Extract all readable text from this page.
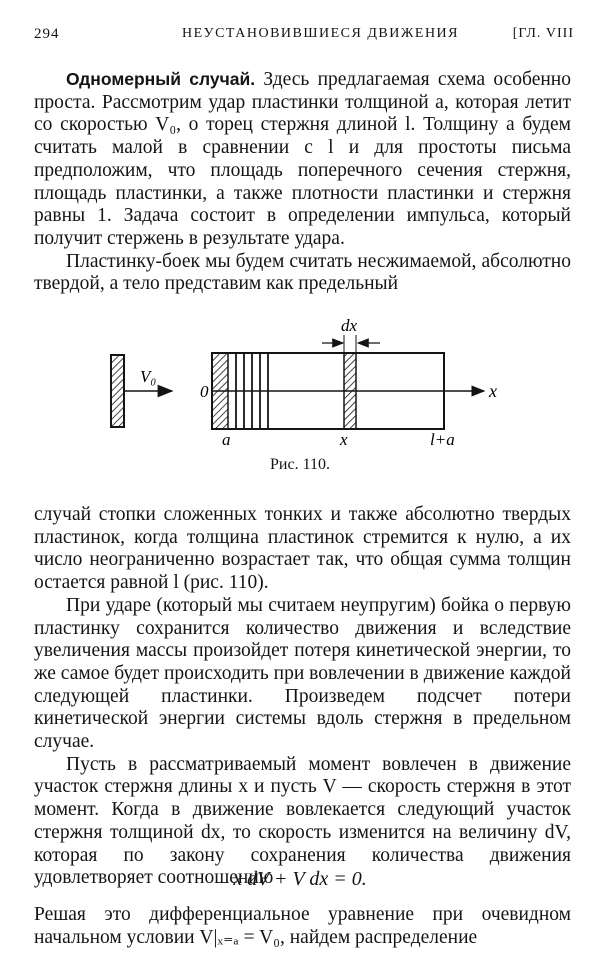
294	НЕУСТАНОВИВШИЕСЯ ДВИЖЕНИЯ	[ГЛ. VIII

Одномерный случай. Здесь предлагаемая схема особенно проста. Рассмотрим удар пластинки толщиной a, которая летит со скоростью V₀, о торец стержня длиной l. Толщину a будем считать малой в сравнении с l и для простоты письма предположим, что площадь поперечного сечения стержня, площадь пластинки, а также плотности пластинки и стержня равны 1. Задача состоит в определении импульса, который получит стержень в результате удара.

Пластинку-боек мы будем считать несжимаемой, абсолютно твердой, а тело представим как предельный

V₀
dx
0	x
a	x	l+a
Рис. 110.

случай стопки сложенных тонких и также абсолютно твердых пластинок, когда толщина пластинок стремится к нулю, а их число неограниченно возрастает так, что общая сумма толщин остается равной l (рис. 110).

При ударе (который мы считаем неупругим) бойка о первую пластинку сохранится количество движения и вследствие увеличения массы произойдет потеря кинетической энергии, то же самое будет происходить при вовлечении в движение каждой следующей пластинки. Произведем подсчет потери кинетической энергии системы вдоль стержня в предельном случае.

Пусть в рассматриваемый момент вовлечен в движение участок стержня длины x и пусть V — скорость стержня в этот момент. Когда в движение вовлекается следующий участок стержня толщиной dx, то скорость изменится на величину dV, которая по закону сохранения количества движения удовлетворяет соотношению

x dV + V dx = 0.

Решая это дифференциальное уравнение при очевидном начальном условии V|ₓ₌ₐ = V₀, найдем распределение
